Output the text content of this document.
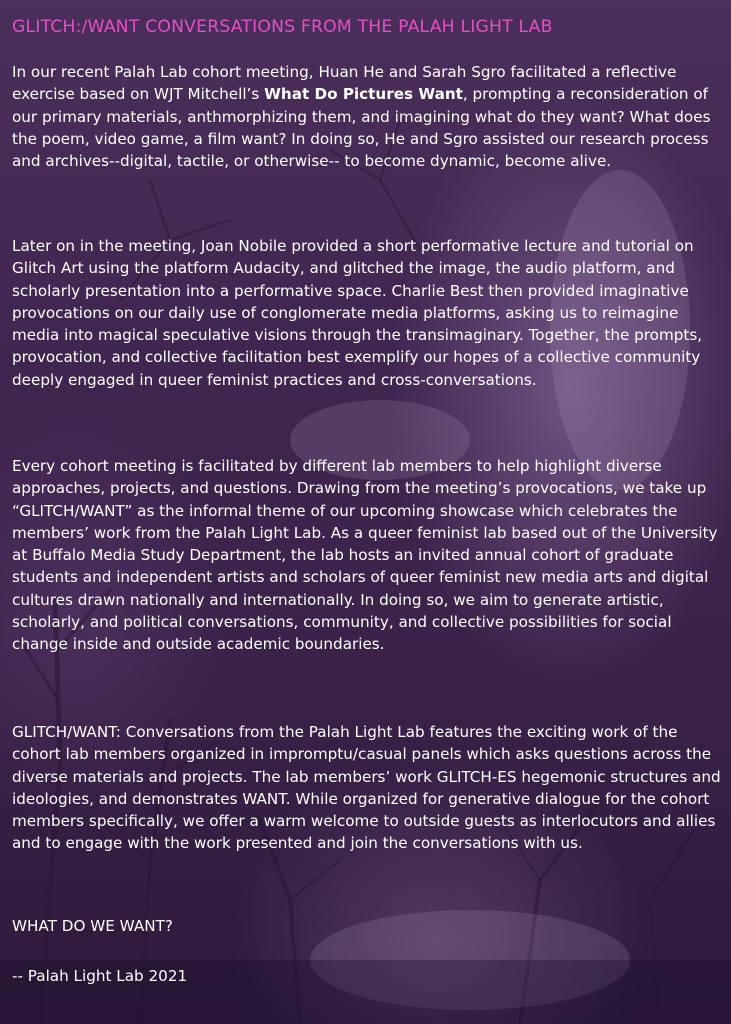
GLITCH:/WANT CONVERSATIONS FROM THE PALAH LIGHT LAB

In our recent Palah Lab cohort meeting, Huan He and Sarah Sgro facilitated a reflective exercise based on WJT Mitchell’s What Do Pictures Want, prompting a reconsideration of our primary materials, anthmorphizing them, and imagining what do they want? What does the poem, video game, a film want? In doing so, He and Sgro assisted our research process and archives--digital, tactile, or otherwise-- to become dynamic, become alive.

Later on in the meeting, Joan Nobile provided a short performative lecture and tutorial on Glitch Art using the platform Audacity, and glitched the image, the audio platform, and scholarly presentation into a performative space. Charlie Best then provided imaginative provocations on our daily use of conglomerate media platforms, asking us to reimagine media into magical speculative visions through the transimaginary. Together, the prompts, provocation, and collective facilitation best exemplify our hopes of a collective community deeply engaged in queer feminist practices and cross-conversations.

Every cohort meeting is facilitated by different lab members to help highlight diverse approaches, projects, and questions. Drawing from the meeting’s provocations, we take up “GLITCH/WANT” as the informal theme of our upcoming showcase which celebrates the members’ work from the Palah Light Lab. As a queer feminist lab based out of the University at Buffalo Media Study Department, the lab hosts an invited annual cohort of graduate students and independent artists and scholars of queer feminist new media arts and digital cultures drawn nationally and internationally. In doing so, we aim to generate artistic, scholarly, and political conversations, community, and collective possibilities for social change inside and outside academic boundaries.

GLITCH/WANT: Conversations from the Palah Light Lab features the exciting work of the cohort lab members organized in impromptu/casual panels which asks questions across the diverse materials and projects. The lab members’ work GLITCH-ES hegemonic structures and ideologies, and demonstrates WANT. While organized for generative dialogue for the cohort members specifically, we offer a warm welcome to outside guests as interlocutors and allies and to engage with the work presented and join the conversations with us.

WHAT DO WE WANT?

-- Palah Light Lab 2021
